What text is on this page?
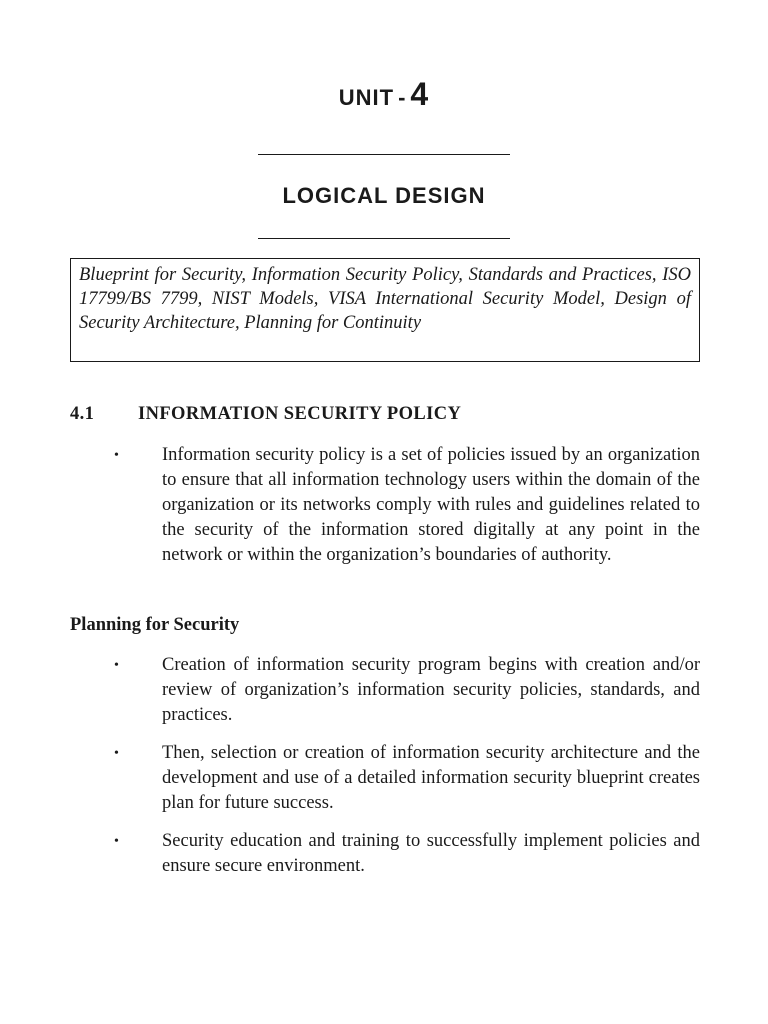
UNIT - 4
LOGICAL DESIGN

Blueprint for Security, Information Security Policy, Standards and Practices, ISO 17799/BS 7799, NIST Models, VISA International Security Model, Design of Security Architecture, Planning for Continuity

4.1 INFORMATION SECURITY POLICY
• Information security policy is a set of policies issued by an organization to ensure that all information technology users within the domain of the organization or its networks comply with rules and guidelines related to the security of the information stored digitally at any point in the network or within the organization’s boundaries of authority.
Planning for Security
• Creation of information security program begins with creation and/or review of organization’s information security policies, standards, and practices.
• Then, selection or creation of information security architecture and the development and use of a detailed information security blueprint creates plan for future success.
• Security education and training to successfully implement policies and ensure secure environment.
